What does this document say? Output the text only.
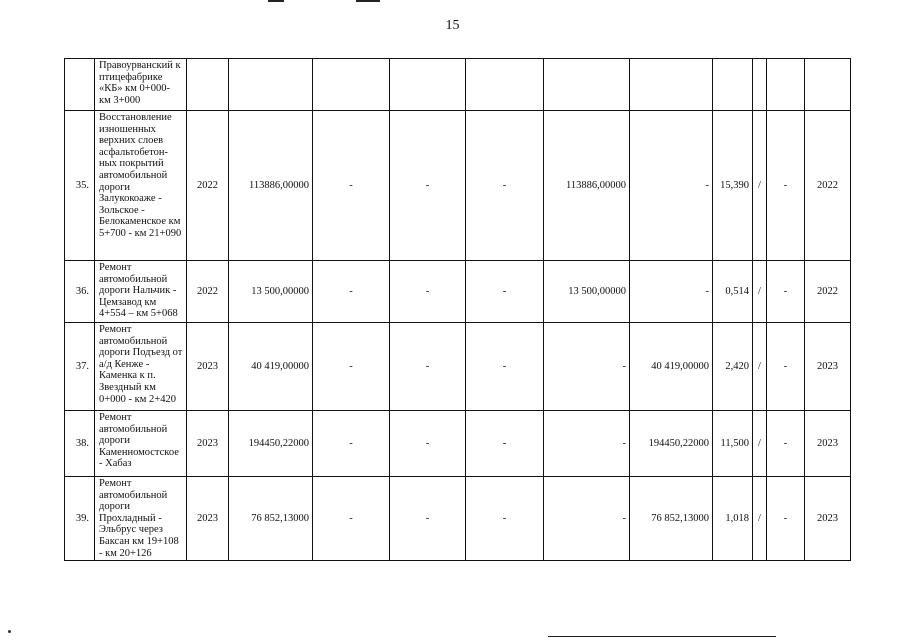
15
	Правоурванский к птицефабрике «КБ» км 0+000- км 3+000											
35.	Восстановление изношенных верхних слоев асфальтобетон-ных покрытий автомобильной дороги Залукокоаже - Зольское - Белокаменское км 5+700 - км 21+090	2022	113886,00000	-	-	-	113886,00000	-	15,390	/	-	2022
36.	Ремонт автомобильной дороги Нальчик - Цемзавод км 4+554 – км 5+068	2022	13 500,00000	-	-	-	13 500,00000	-	0,514	/	-	2022
37.	Ремонт автомобильной дороги Подъезд от а/д Кенже - Каменка к п. Звездный км 0+000 - км 2+420	2023	40 419,00000	-	-	-	-	40 419,00000	2,420	/	-	2023
38.	Ремонт автомобильной дороги Каменномостское - Хабаз	2023	194450,22000	-	-	-	-	194450,22000	11,500	/	-	2023
39.	Ремонт автомобильной дороги Прохладный - Эльбрус через Баксан км 19+108 - км 20+126	2023	76 852,13000	-	-	-	-	76 852,13000	1,018	/	-	2023
